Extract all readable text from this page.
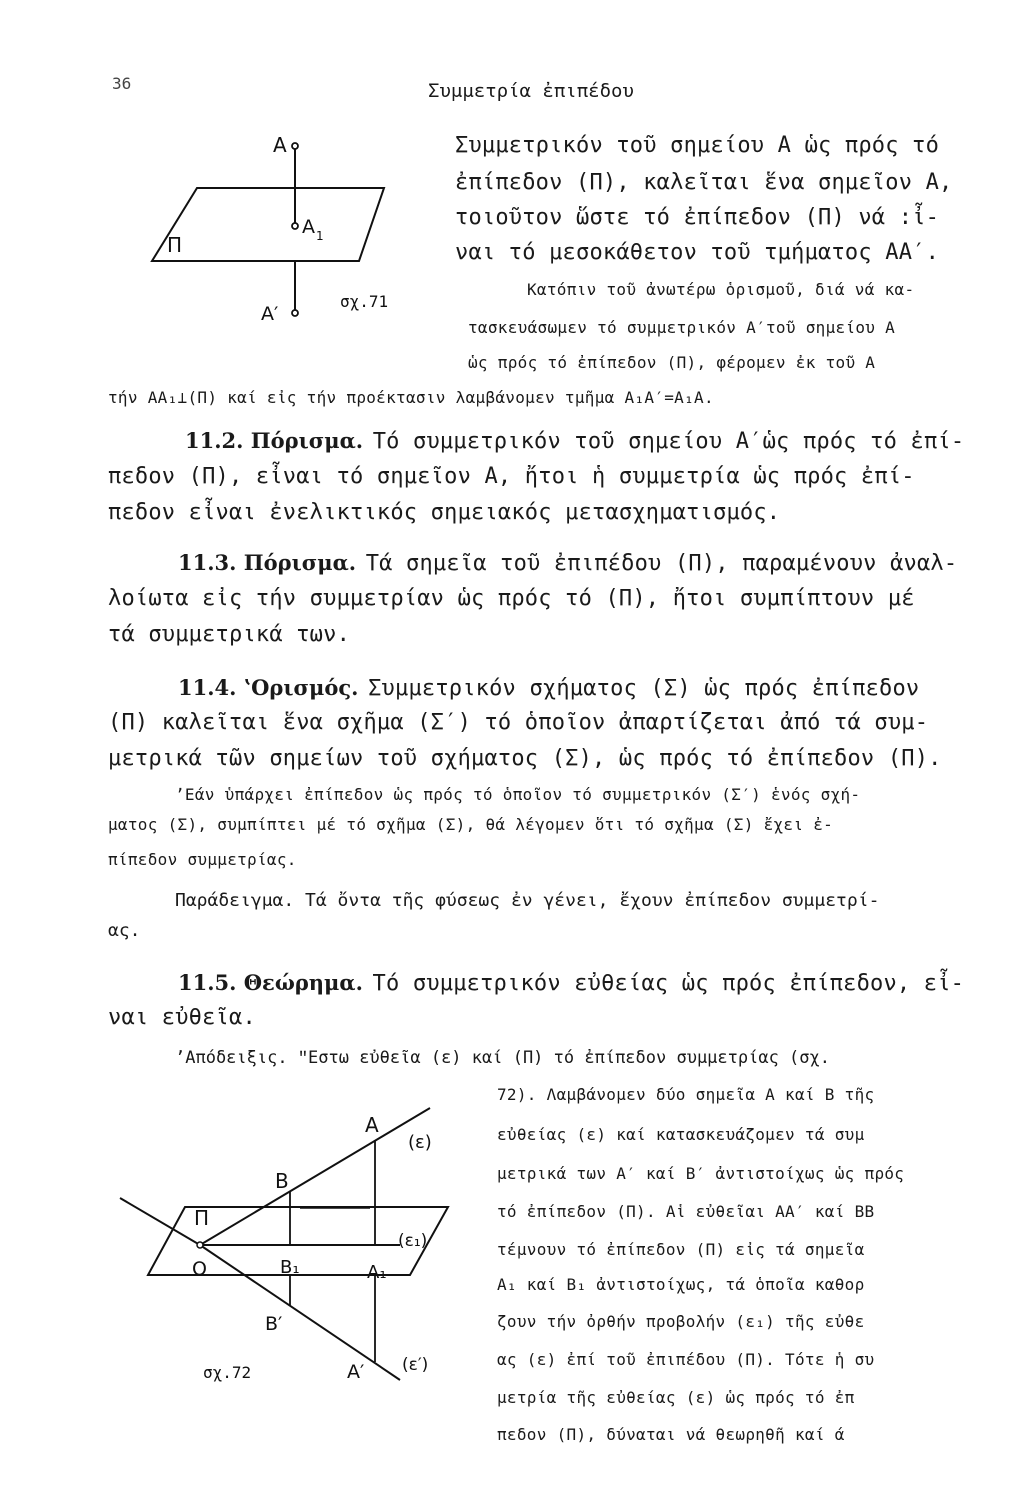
36	Συμμετρία ἐπιπέδου
A
A 1
Π
A′
σχ.71
Συμμετρικόν τοῦ σημείου A ὡς πρός τό
ἐπίπεδον (Π), καλεῖται ἕνα σημεῖον A,
τοιοῦτον ὥστε τό ἐπίπεδον (Π) νά :ἶ-
ναι τό μεσοκάθετον τοῦ τμήματος AA′.
Κατόπιν τοῦ ἀνωτέρω ὁρισμοῦ, διά νά κα-
τασκευάσωμεν τό συμμετρικόν A′τοῦ σημείου A
ὡς πρός τό ἐπίπεδον (Π), φέρομεν ἐκ τοῦ A
τήν AA₁⊥(Π) καί εἰς τήν προέκτασιν λαμβάνομεν τμῆμα A₁A′=A₁A.
11.2. Πόρισμα. Τό συμμετρικόν τοῦ σημείου A′ὡς πρός τό ἐπί-
πεδον (Π), εἶναι τό σημεῖον A, ἤτοι ἡ συμμετρία ὡς πρός ἐπί-
πεδον εἶναι ἐνελικτικός σημειακός μετασχηματισμός.
11.3. Πόρισμα. Τά σημεῖα τοῦ ἐπιπέδου (Π), παραμένουν ἀναλ-
λοίωτα εἰς τήν συμμετρίαν ὡς πρός τό (Π), ἤτοι συμπίπτουν μέ
τά συμμετρικά των.
11.4. ʽΟρισμός. Συμμετρικόν σχήματος (Σ) ὡς πρός ἐπίπεδον
(Π) καλεῖται ἕνα σχῆμα (Σ′) τό ὁποῖον ἀπαρτίζεται ἀπό τά συμ-
μετρικά τῶν σημείων τοῦ σχήματος (Σ), ὡς πρός τό ἐπίπεδον (Π).
ʼΕάν ὑπάρχει ἐπίπεδον ὡς πρός τό ὁποῖον τό συμμετρικόν (Σ′) ἑνός σχή-
ματος (Σ), συμπίπτει μέ τό σχῆμα (Σ), θά λέγομεν ὅτι τό σχῆμα (Σ) ἔχει ἐ-
πίπεδον συμμετρίας.
Παράδειγμα. Τά ὄντα τῆς φύσεως ἐν γένει, ἔχουν ἐπίπεδον συμμετρί-
ας.
11.5. Θεώρημα. Τό συμμετρικόν εὐθείας ὡς πρός ἐπίπεδον, εἶ-
ναι εὐθεῖα.
ʼΑπόδειξις. ʺΕστω εὐθεῖα (ε) καί (Π) τό ἐπίπεδον συμμετρίας (σχ.
72). Λαμβάνομεν δύο σημεῖα A καί B τῆς
εὐθείας (ε) καί κατασκευάζομεν τά συμ
μετρικά των A′ καί B′ ἀντιστοίχως ὡς πρός
τό ἐπίπεδον (Π). Αἱ εὐθεῖαι AA′ καί BB
τέμνουν τό ἐπίπεδον (Π) εἰς τά σημεῖα
A₁ καί B₁ ἀντιστοίχως, τά ὁποῖα καθορ
ζουν τήν ὀρθήν προβολήν (ε₁) τῆς εὐθε
ας (ε) ἐπί τοῦ ἐπιπέδου (Π). Τότε ἡ συ
μετρία τῆς εὐθείας (ε) ὡς πρός τό ἐπ
πεδον (Π), δύναται νά θεωρηθῆ καί ά
A
(ε)
B
Π
(ε₁)
O	B₁	A₁
B′
A′ (ε′)
σχ.72
